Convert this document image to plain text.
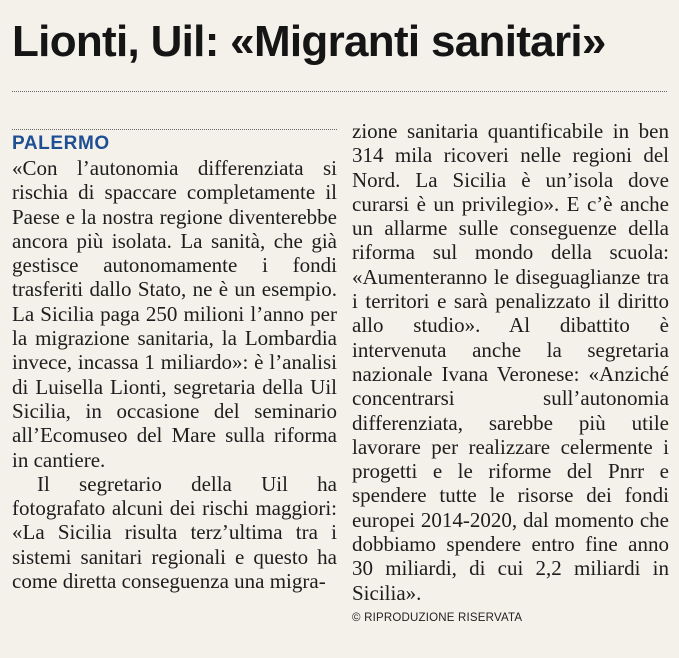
Lionti, Uil: «Migranti sanitari»
PALERMO

«Con l’autonomia differenziata si rischia di spaccare completamente il Paese e la nostra regione diventerebbe ancora più isolata. La sanità, che già gestisce autonomamente i fondi trasferiti dallo Stato, ne è un esempio. La Sicilia paga 250 milioni l’anno per la migrazione sanitaria, la Lombardia invece, incassa 1 miliardo»: è l’analisi di Luisella Lionti, segretaria della Uil Sicilia, in occasione del seminario all’Ecomuseo del Mare sulla riforma in cantiere.

Il segretario della Uil ha fotografato alcuni dei rischi maggiori: «La Sicilia risulta terz’ultima tra i sistemi sanitari regionali e questo ha come diretta conseguenza una migra-

zione sanitaria quantificabile in ben 314 mila ricoveri nelle regioni del Nord. La Sicilia è un’isola dove curarsi è un privilegio». E c’è anche un allarme sulle conseguenze della riforma sul mondo della scuola: «Aumenteranno le diseguaglianze tra i territori e sarà penalizzato il diritto allo studio». Al dibattito è intervenuta anche la segretaria nazionale Ivana Veronese: «Anziché concentrarsi sull’autonomia differenziata, sarebbe più utile lavorare per realizzare celermente i progetti e le riforme del Pnrr e spendere tutte le risorse dei fondi europei 2014-2020, dal momento che dobbiamo spendere entro fine anno 30 miliardi, di cui 2,2 miliardi in Sicilia».

© RIPRODUZIONE RISERVATA
